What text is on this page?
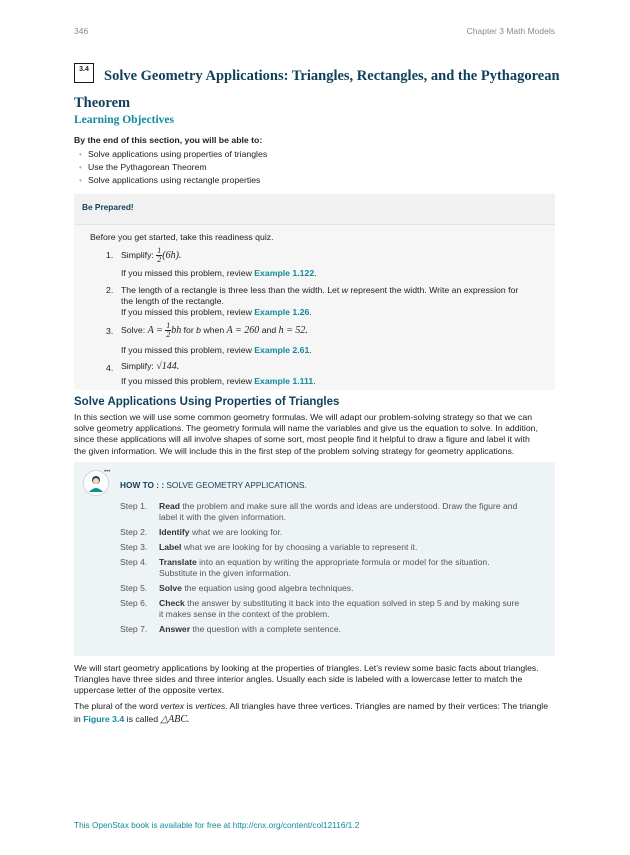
346	Chapter 3 Math Models
3.4	Solve Geometry Applications: Triangles, Rectangles, and the Pythagorean
Theorem
Learning Objectives
By the end of this section, you will be able to:
• Solve applications using properties of triangles
• Use the Pythagorean Theorem
• Solve applications using rectangle properties
Be Prepared!
Before you get started, take this readiness quiz.
1. Simplify: $\frac{1}{2} (6h)$.
If you missed this problem, review Example 1.122.
2. The length of a rectangle is three less than the width. Let w represent the width. Write an expression for
the length of the rectangle.
If you missed this problem, review Example 1.26.
3. Solve: $A = \frac{1}{2}$ bh for b when A = 260 and h = 52.
If you missed this problem, review Example 2.61.
4. Simplify: √144.
If you missed this problem, review Example 1.111.
Solve Applications Using Properties of Triangles
In this section we will use some common geometry formulas. We will adapt our problem-solving strategy so that we can
solve geometry applications. The geometry formula will name the variables and give us the equation to solve. In addition,
since these applications will all involve shapes of some sort, most people find it helpful to draw a figure and label it with
the given information. We will include this in the first step of the problem solving strategy for geometry applications.
•••
HOW TO : : SOLVE GEOMETRY APPLICATIONS.
Step 1. Read the problem and make sure all the words and ideas are understood. Draw the figure and
label it with the given information.
Step 2. Identify what we are looking for.
Step 3. Label what we are looking for by choosing a variable to represent it.
Step 4. Translate into an equation by writing the appropriate formula or model for the situation.
Substitute in the given information.
Step 5. Solve the equation using good algebra techniques.
Step 6. Check the answer by substituting it back into the equation solved in step 5 and by making sure
it makes sense in the context of the problem.
Step 7. Answer the question with a complete sentence.
We will start geometry applications by looking at the properties of triangles. Let’s review some basic facts about triangles.
Triangles have three sides and three interior angles. Usually each side is labeled with a lowercase letter to match the
uppercase letter of the opposite vertex.
The plural of the word vertex is vertices. All triangles have three vertices. Triangles are named by their vertices: The triangle
in Figure 3.4 is called △ABC.
This OpenStax book is available for free at http://cnx.org/content/col12116/1.2
